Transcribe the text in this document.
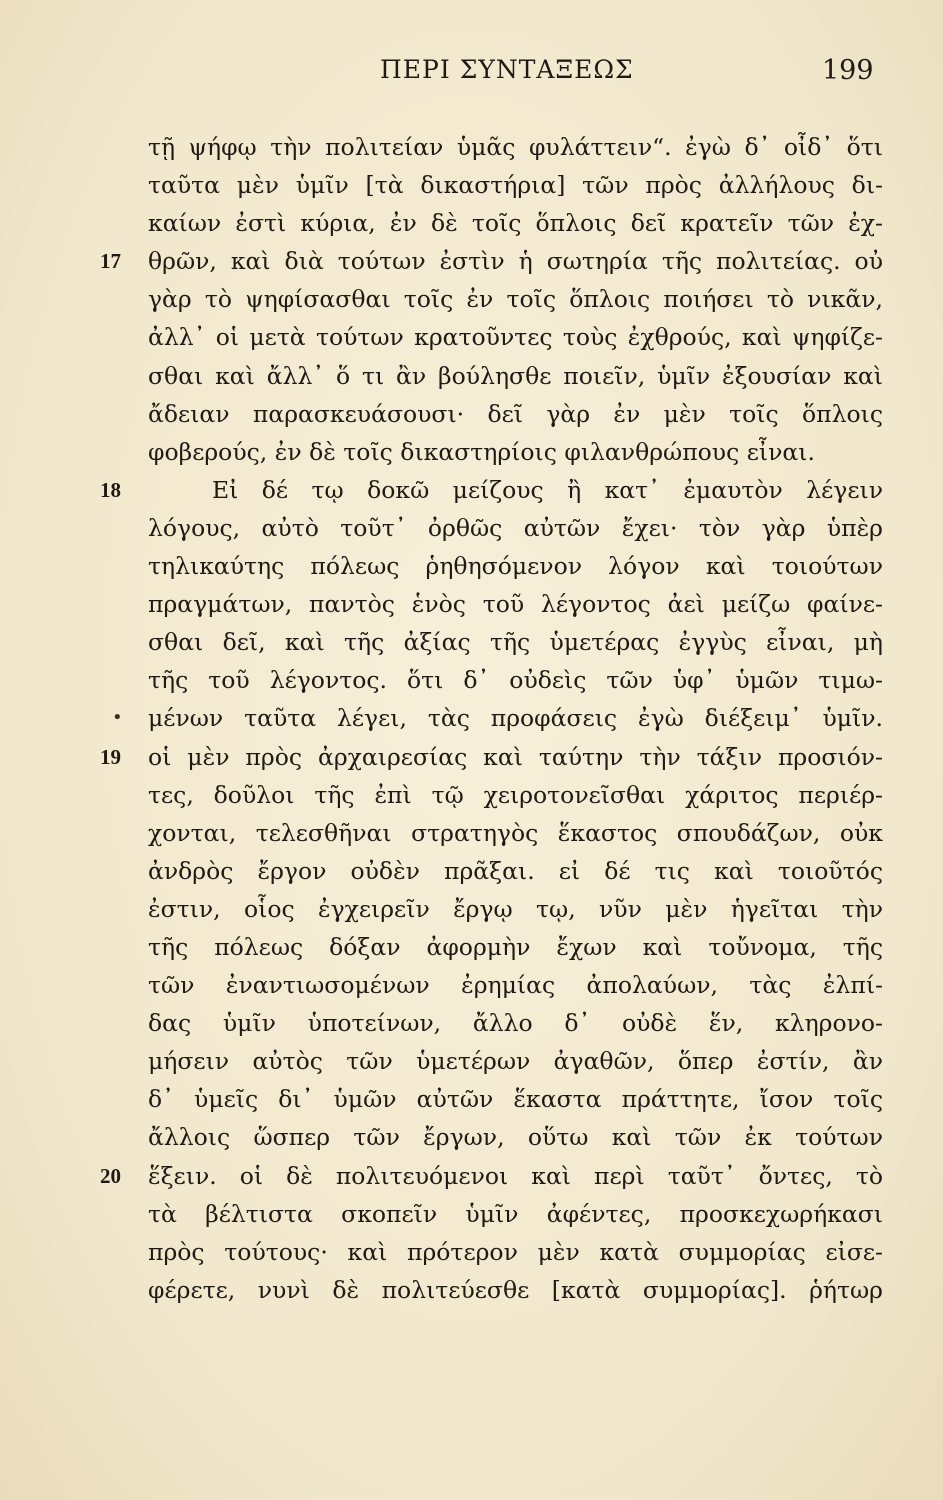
ΠΕΡΙ ΣΥΝΤΑΞΕΩΣ	199
τῇ ψήφῳ τὴν πολιτείαν ὑμᾶς φυλάττειν“. ἐγὼ δ᾽ οἶδ᾽ ὅτι
ταῦτα μὲν ὑμῖν [τὰ δικαστήρια] τῶν πρὸς ἀλλήλους δι-
καίων ἐστὶ κύρια, ἐν δὲ τοῖς ὅπλοις δεῖ κρατεῖν τῶν ἐχ-
17	θρῶν, καὶ διὰ τούτων ἐστὶν ἡ σωτηρία τῆς πολιτείας. οὐ
γὰρ τὸ ψηφίσασθαι τοῖς ἐν τοῖς ὅπλοις ποιήσει τὸ νικᾶν,
ἀλλ᾽ οἱ μετὰ τούτων κρατοῦντες τοὺς ἐχθρούς, καὶ ψηφίζε-
σθαι καὶ ἄλλ᾽ ὅ τι ἂν βούλησθε ποιεῖν, ὑμῖν ἐξουσίαν καὶ
ἄδειαν παρασκευάσουσι· δεῖ γὰρ ἐν μὲν τοῖς ὅπλοις
φοβερούς, ἐν δὲ τοῖς δικαστηρίοις φιλανθρώπους εἶναι.
18	Εἰ δέ τῳ δοκῶ μείζους ἢ κατ᾽ ἐμαυτὸν λέγειν
λόγους, αὐτὸ τοῦτ᾽ ὀρθῶς αὐτῶν ἔχει· τὸν γὰρ ὑπὲρ
τηλικαύτης πόλεως ῥηθησόμενον λόγον καὶ τοιούτων
πραγμάτων, παντὸς ἑνὸς τοῦ λέγοντος ἀεὶ μείζω φαίνε-
σθαι δεῖ, καὶ τῆς ἀξίας τῆς ὑμετέρας ἐγγὺς εἶναι, μὴ
τῆς τοῦ λέγοντος. ὅτι δ᾽ οὐδεὶς τῶν ὑφ᾽ ὑμῶν τιμω-
• μένων ταῦτα λέγει, τὰς προφάσεις ἐγὼ διέξειμ᾽ ὑμῖν.
19	οἱ μὲν πρὸς ἀρχαιρεσίας καὶ ταύτην τὴν τάξιν προσιόν-
τες, δοῦλοι τῆς ἐπὶ τῷ χειροτονεῖσθαι χάριτος περιέρ-
χονται, τελεσθῆναι στρατηγὸς ἕκαστος σπουδάζων, οὐκ
ἀνδρὸς ἔργον οὐδὲν πρᾶξαι. εἰ δέ τις καὶ τοιοῦτός
ἐστιν, οἷος ἐγχειρεῖν ἔργῳ τῳ, νῦν μὲν ἡγεῖται τὴν
τῆς πόλεως δόξαν ἀφορμὴν ἔχων καὶ τοὔνομα, τῆς
τῶν ἐναντιωσομένων ἐρημίας ἀπολαύων, τὰς ἐλπί-
δας ὑμῖν ὑποτείνων, ἄλλο δ᾽ οὐδὲ ἕν, κληρονο-
μήσειν αὐτὸς τῶν ὑμετέρων ἀγαθῶν, ὅπερ ἐστίν, ἂν
δ᾽ ὑμεῖς δι᾽ ὑμῶν αὐτῶν ἕκαστα πράττητε, ἴσον τοῖς
ἄλλοις ὥσπερ τῶν ἔργων, οὕτω καὶ τῶν ἐκ τούτων
20	ἕξειν. οἱ δὲ πολιτευόμενοι καὶ περὶ ταῦτ᾽ ὄντες, τὸ
τὰ βέλτιστα σκοπεῖν ὑμῖν ἀφέντες, προσκεχωρήκασι
πρὸς τούτους· καὶ πρότερον μὲν κατὰ συμμορίας εἰσε-
φέρετε, νυνὶ δὲ πολιτεύεσθε [κατὰ συμμορίας]. ῥήτωρ
